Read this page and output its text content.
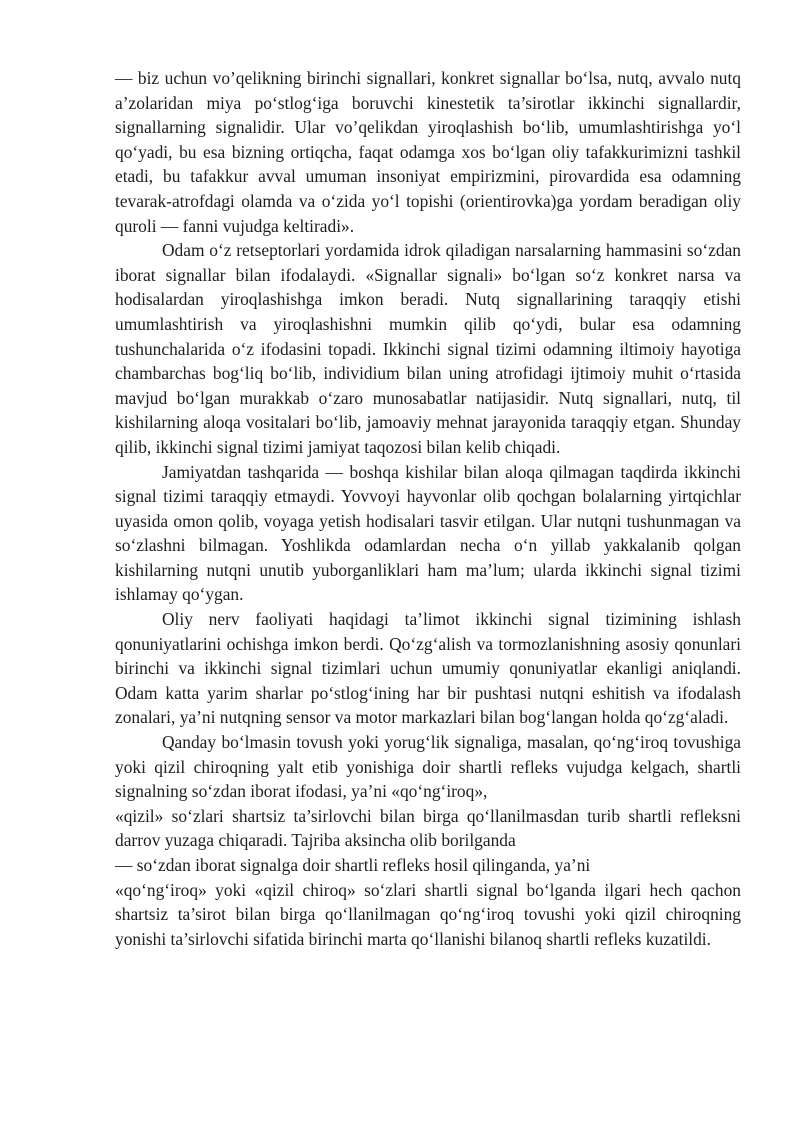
— biz uchun vo’qelikning birinchi signallari, konkret signallar bo‘lsa, nutq, avvalo nutq a’zolaridan miya po‘stlog‘iga boruvchi kinestetik ta’sirotlar ikkinchi signallardir, signallarning signalidir. Ular vo’qelikdan yiroqlashish bo‘lib, umumlashtirishga yo‘l qo‘yadi, bu esa bizning ortiqcha, faqat odamga xos bo‘lgan oliy tafakkurimizni tashkil etadi, bu tafakkur avval umuman insoniyat empirizmini, pirovardida esa odamning tevarak-atrofdagi olamda va o‘zida yo‘l topishi (orientirovka)ga yordam beradigan oliy quroli — fanni vujudga keltiradi».

Odam o‘z retseptorlari yordamida idrok qiladigan narsalarning hammasini so‘zdan iborat signallar bilan ifodalaydi. «Signallar signali» bo‘lgan so‘z konkret narsa va hodisalardan yiroqlashishga imkon beradi. Nutq signallarining taraqqiy etishi umumlashtirish va yiroqlashishni mumkin qilib qo‘ydi, bular esa odamning tushunchalarida o‘z ifodasini topadi. Ikkinchi signal tizimi odamning iltimoiy hayotiga chambarchas bog‘liq bo‘lib, individium bilan uning atrofidagi ijtimoiy muhit o‘rtasida mavjud bo‘lgan murakkab o‘zaro munosabatlar natijasidir. Nutq signallari, nutq, til kishilarning aloqa vositalari bo‘lib, jamoaviy mehnat jarayonida taraqqiy etgan. Shunday qilib, ikkinchi signal tizimi jamiyat taqozosi bilan kelib chiqadi.

Jamiyatdan tashqarida — boshqa kishilar bilan aloqa qilmagan taqdirda ikkinchi signal tizimi taraqqiy etmaydi. Yovvoyi hayvonlar olib qochgan bolalarning yirtqichlar uyasida omon qolib, voyaga yetish hodisalari tasvir etilgan. Ular nutqni tushunmagan va so‘zlashni bilmagan. Yoshlikda odamlardan necha o‘n yillab yakkalanib qolgan kishilarning nutqni unutib yuborganliklari ham ma’lum; ularda ikkinchi signal tizimi ishlamay qo‘ygan.

Oliy nerv faoliyati haqidagi ta’limot ikkinchi signal tizimining ishlash qonuniyatlarini ochishga imkon berdi. Qo‘zg‘alish va tormozlanishning asosiy qonunlari birinchi va ikkinchi signal tizimlari uchun umumiy qonuniyatlar ekanligi aniqlandi. Odam katta yarim sharlar po‘stlog‘ining har bir pushtasi nutqni eshitish va ifodalash zonalari, ya’ni nutqning sensor va motor markazlari bilan bog‘langan holda qo‘zg‘aladi.

Qanday bo‘lmasin tovush yoki yorug‘lik signaliga, masalan, qo‘ng‘iroq tovushiga yoki qizil chiroqning yalt etib yonishiga doir shartli refleks vujudga kelgach, shartli signalning so‘zdan iborat ifodasi, ya’ni «qo‘ng‘iroq»,

«qizil» so‘zlari shartsiz ta’sirlovchi bilan birga qo‘llanilmasdan turib shartli refleksni darrov yuzaga chiqaradi. Tajriba aksincha olib borilganda

— so‘zdan iborat signalga doir shartli refleks hosil qilinganda, ya’ni

«qo‘ng‘iroq» yoki «qizil chiroq» so‘zlari shartli signal bo‘lganda ilgari hech qachon shartsiz ta’sirot bilan birga qo‘llanilmagan qo‘ng‘iroq tovushi yoki qizil chiroqning yonishi ta’sirlovchi sifatida birinchi marta qo‘llanishi bilanoq shartli refleks kuzatildi.
